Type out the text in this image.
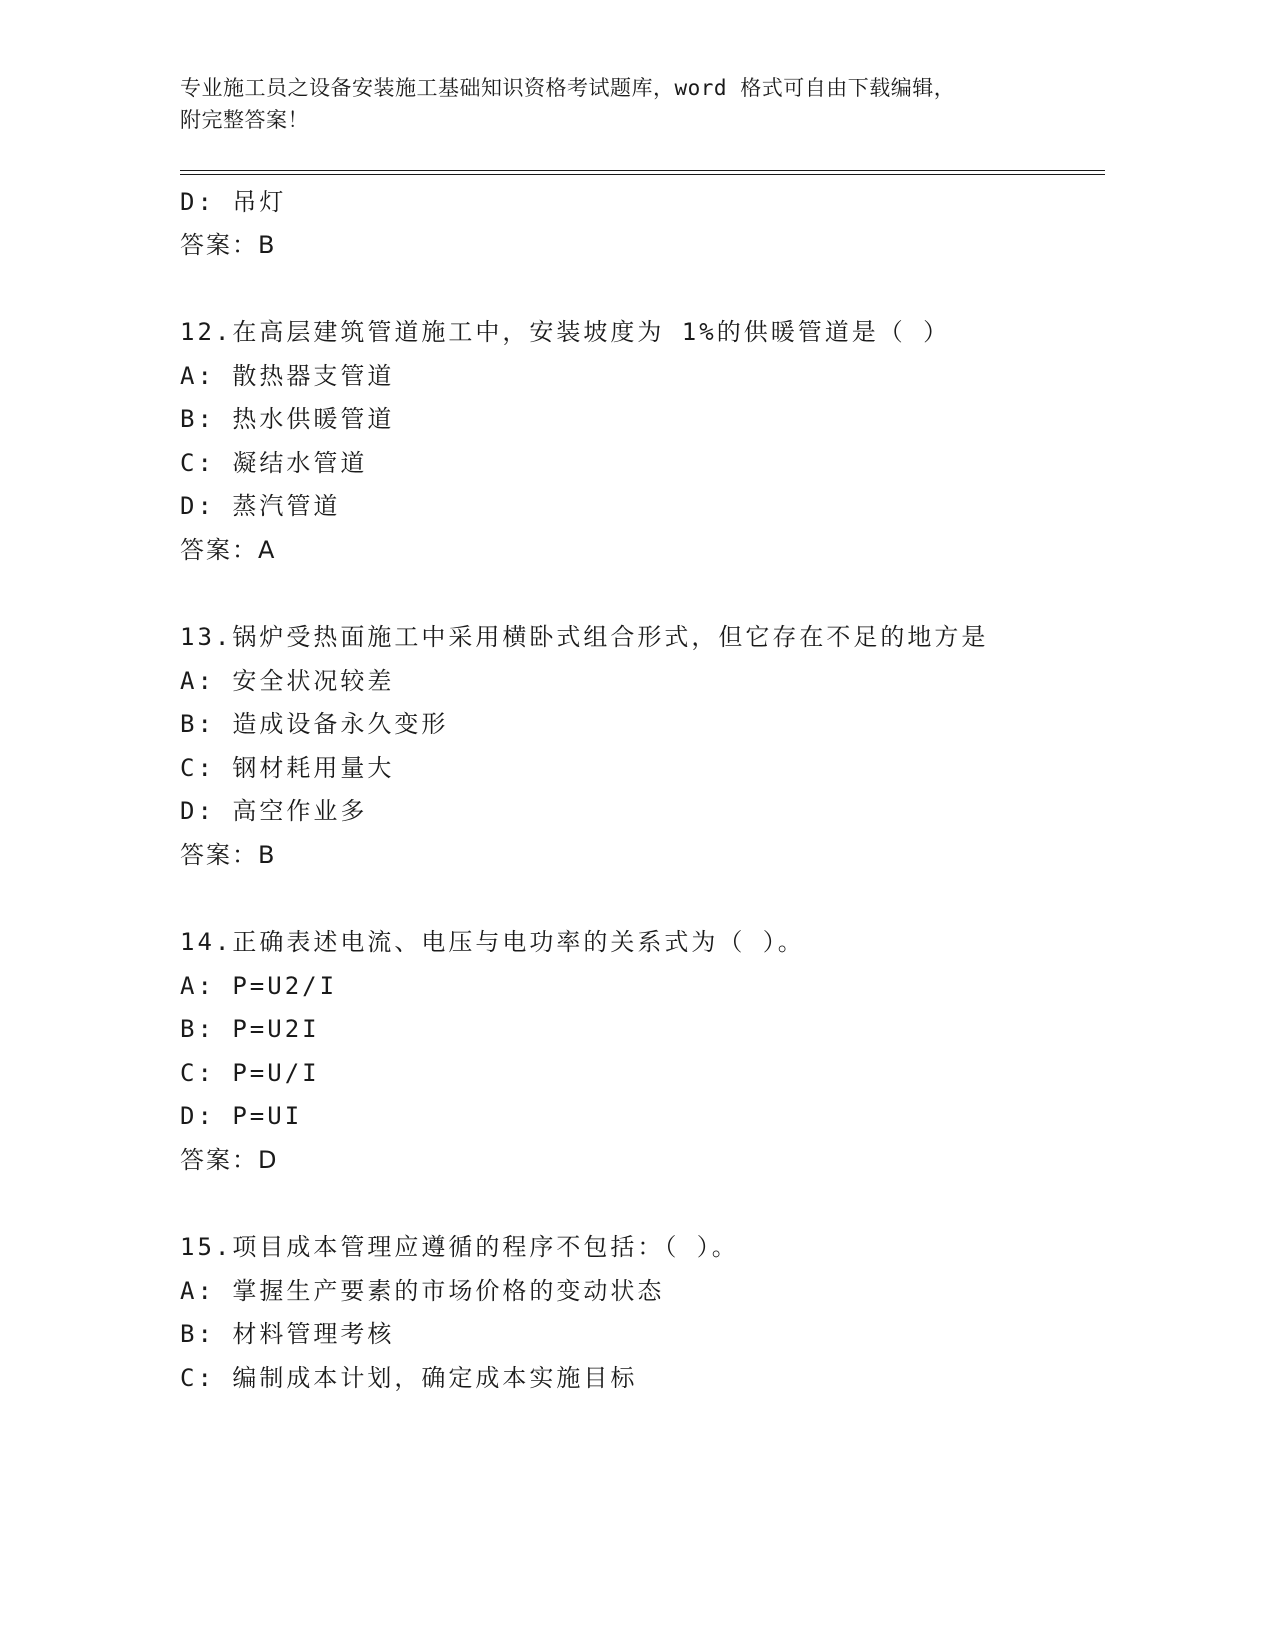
专业施工员之设备安装施工基础知识资格考试题库，word 格式可自由下载编辑，
附完整答案！
D: 吊灯
答案：B
12.在高层建筑管道施工中，安装坡度为 1%的供暖管道是（ ）
A: 散热器支管道
B: 热水供暖管道
C: 凝结水管道
D: 蒸汽管道
答案：A
13.锅炉受热面施工中采用横卧式组合形式，但它存在不足的地方是
A: 安全状况较差
B: 造成设备永久变形
C: 钢材耗用量大
D: 高空作业多
答案：B
14.正确表述电流、电压与电功率的关系式为（ ）。
A: P=U2/I
B: P=U2I
C: P=U/I
D: P=UI
答案：D
15.项目成本管理应遵循的程序不包括：（ ）。
A: 掌握生产要素的市场价格的变动状态
B: 材料管理考核
C: 编制成本计划，确定成本实施目标
